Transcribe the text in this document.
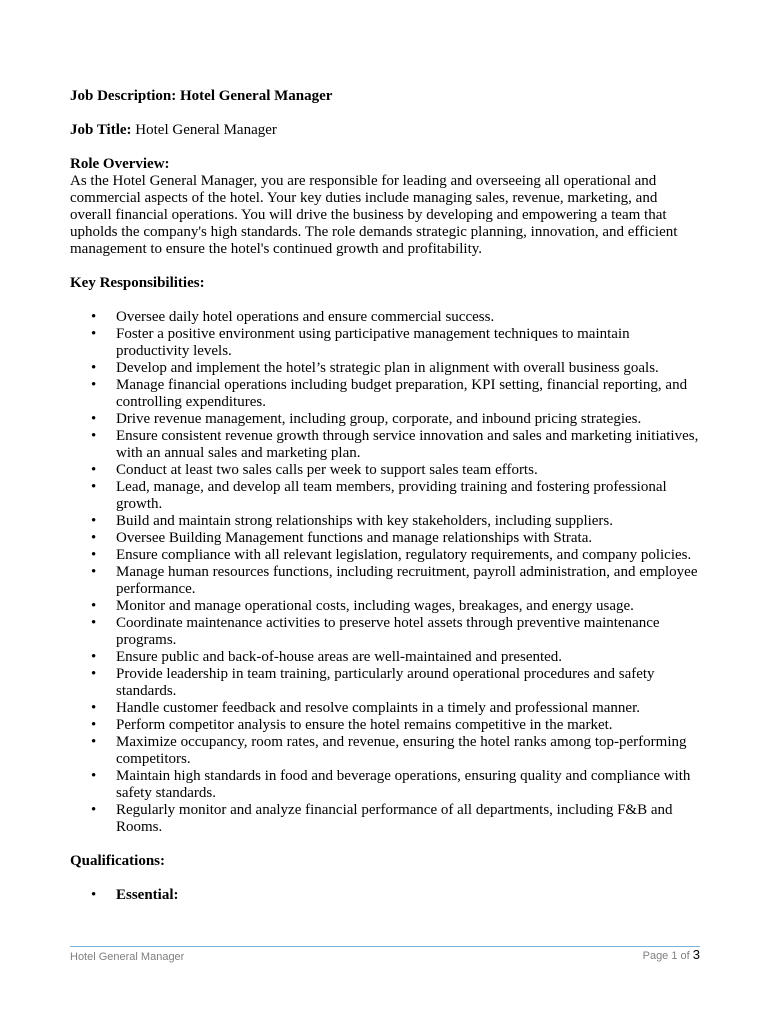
Job Description: Hotel General Manager

Job Title: Hotel General Manager

Role Overview:

As the Hotel General Manager, you are responsible for leading and overseeing all operational and commercial aspects of the hotel. Your key duties include managing sales, revenue, marketing, and overall financial operations. You will drive the business by developing and empowering a team that upholds the company's high standards. The role demands strategic planning, innovation, and efficient management to ensure the hotel's continued growth and profitability.

Key Responsibilities:

• Oversee daily hotel operations and ensure commercial success.
• Foster a positive environment using participative management techniques to maintain productivity levels.
• Develop and implement the hotel’s strategic plan in alignment with overall business goals.
• Manage financial operations including budget preparation, KPI setting, financial reporting, and controlling expenditures.
• Drive revenue management, including group, corporate, and inbound pricing strategies.
• Ensure consistent revenue growth through service innovation and sales and marketing initiatives, with an annual sales and marketing plan.
• Conduct at least two sales calls per week to support sales team efforts.
• Lead, manage, and develop all team members, providing training and fostering professional growth.
• Build and maintain strong relationships with key stakeholders, including suppliers.
• Oversee Building Management functions and manage relationships with Strata.
• Ensure compliance with all relevant legislation, regulatory requirements, and company policies.
• Manage human resources functions, including recruitment, payroll administration, and employee performance.
• Monitor and manage operational costs, including wages, breakages, and energy usage.
• Coordinate maintenance activities to preserve hotel assets through preventive maintenance programs.
• Ensure public and back-of-house areas are well-maintained and presented.
• Provide leadership in team training, particularly around operational procedures and safety standards.
• Handle customer feedback and resolve complaints in a timely and professional manner.
• Perform competitor analysis to ensure the hotel remains competitive in the market.
• Maximize occupancy, room rates, and revenue, ensuring the hotel ranks among top-performing competitors.
• Maintain high standards in food and beverage operations, ensuring quality and compliance with safety standards.
• Regularly monitor and analyze financial performance of all departments, including F&B and Rooms.

Qualifications:

• Essential:
Hotel General Manager	Page 1 of 3
